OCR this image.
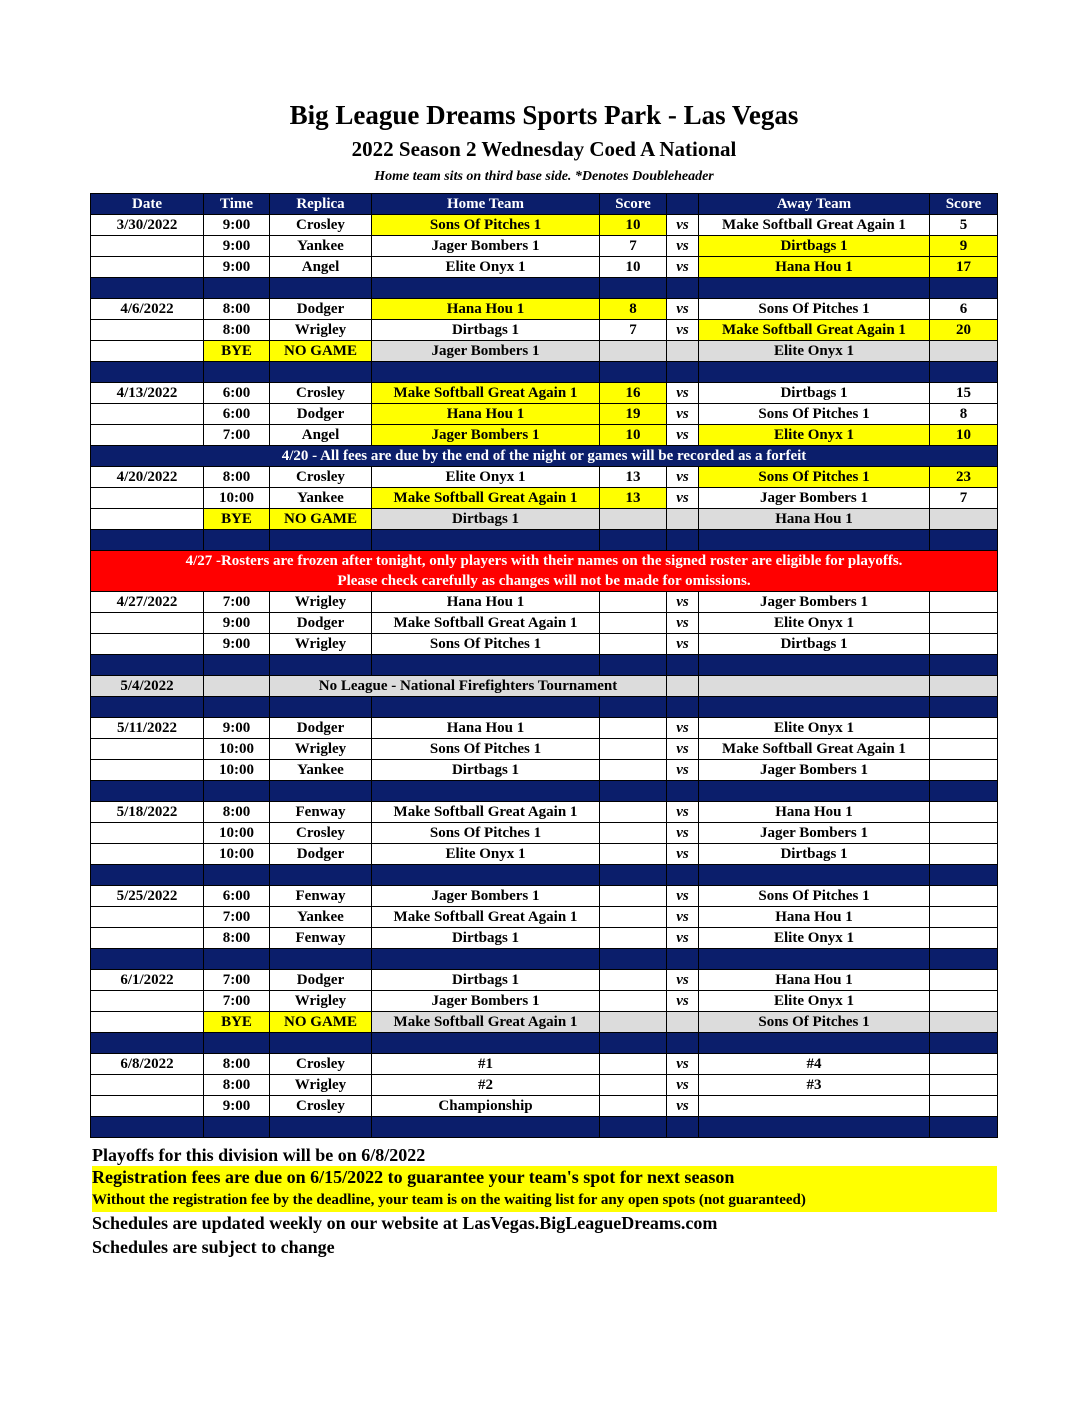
Big League Dreams Sports Park - Las Vegas
2022 Season 2 Wednesday Coed A National
Home team sits on third base side. *Denotes Doubleheader
Date	Time	Replica	Home Team	Score		Away Team	Score
3/30/2022	9:00	Crosley	Sons Of Pitches 1	10	vs	Make Softball Great Again 1	5
	9:00	Yankee	Jager Bombers 1	7	vs	Dirtbags 1	9
	9:00	Angel	Elite Onyx 1	10	vs	Hana Hou 1	17

4/6/2022	8:00	Dodger	Hana Hou 1	8	vs	Sons Of Pitches 1	6
	8:00	Wrigley	Dirtbags 1	7	vs	Make Softball Great Again 1	20
	BYE	NO GAME	Jager Bombers 1			Elite Onyx 1	

4/13/2022	6:00	Crosley	Make Softball Great Again 1	16	vs	Dirtbags 1	15
	6:00	Dodger	Hana Hou 1	19	vs	Sons Of Pitches 1	8
	7:00	Angel	Jager Bombers 1	10	vs	Elite Onyx 1	10
4/20 - All fees are due by the end of the night or games will be recorded as a forfeit							
4/20/2022	8:00	Crosley	Elite Onyx 1	13	vs	Sons Of Pitches 1	23
	10:00	Yankee	Make Softball Great Again 1	13	vs	Jager Bombers 1	7
	BYE	NO GAME	Dirtbags 1			Hana Hou 1	

4/27 -Rosters are frozen after tonight, only players with their names on the signed roster are eligible for playoffs.
Please check carefully as changes will not be made for omissions.							

4/27/2022	7:00	Wrigley	Hana Hou 1		vs	Jager Bombers 1	
	9:00	Dodger	Make Softball Great Again 1		vs	Elite Onyx 1	
	9:00	Wrigley	Sons Of Pitches 1		vs	Dirtbags 1	

5/4/2022		No League - National Firefighters Tournament					

5/11/2022	9:00	Dodger	Hana Hou 1		vs	Elite Onyx 1	
	10:00	Wrigley	Sons Of Pitches 1		vs	Make Softball Great Again 1	
	10:00	Yankee	Dirtbags 1		vs	Jager Bombers 1	

5/18/2022	8:00	Fenway	Make Softball Great Again 1		vs	Hana Hou 1	
	10:00	Crosley	Sons Of Pitches 1		vs	Jager Bombers 1	
	10:00	Dodger	Elite Onyx 1		vs	Dirtbags 1	

5/25/2022	6:00	Fenway	Jager Bombers 1		vs	Sons Of Pitches 1	
	7:00	Yankee	Make Softball Great Again 1		vs	Hana Hou 1	
	8:00	Fenway	Dirtbags 1		vs	Elite Onyx 1	

6/1/2022	7:00	Dodger	Dirtbags 1		vs	Hana Hou 1	
	7:00	Wrigley	Jager Bombers 1		vs	Elite Onyx 1	
	BYE	NO GAME	Make Softball Great Again 1			Sons Of Pitches 1	

6/8/2022	8:00	Crosley	#1		vs	#4	
	8:00	Wrigley	#2		vs	#3	
	9:00	Crosley	Championship		vs		

Playoffs for this division will be on 6/8/2022
Registration fees are due on 6/15/2022 to guarantee your team's spot for next season
Without the registration fee by the deadline, your team is on the waiting list for any open spots (not guaranteed)
Schedules are updated weekly on our website at LasVegas.BigLeagueDreams.com
Schedules are subject to change
